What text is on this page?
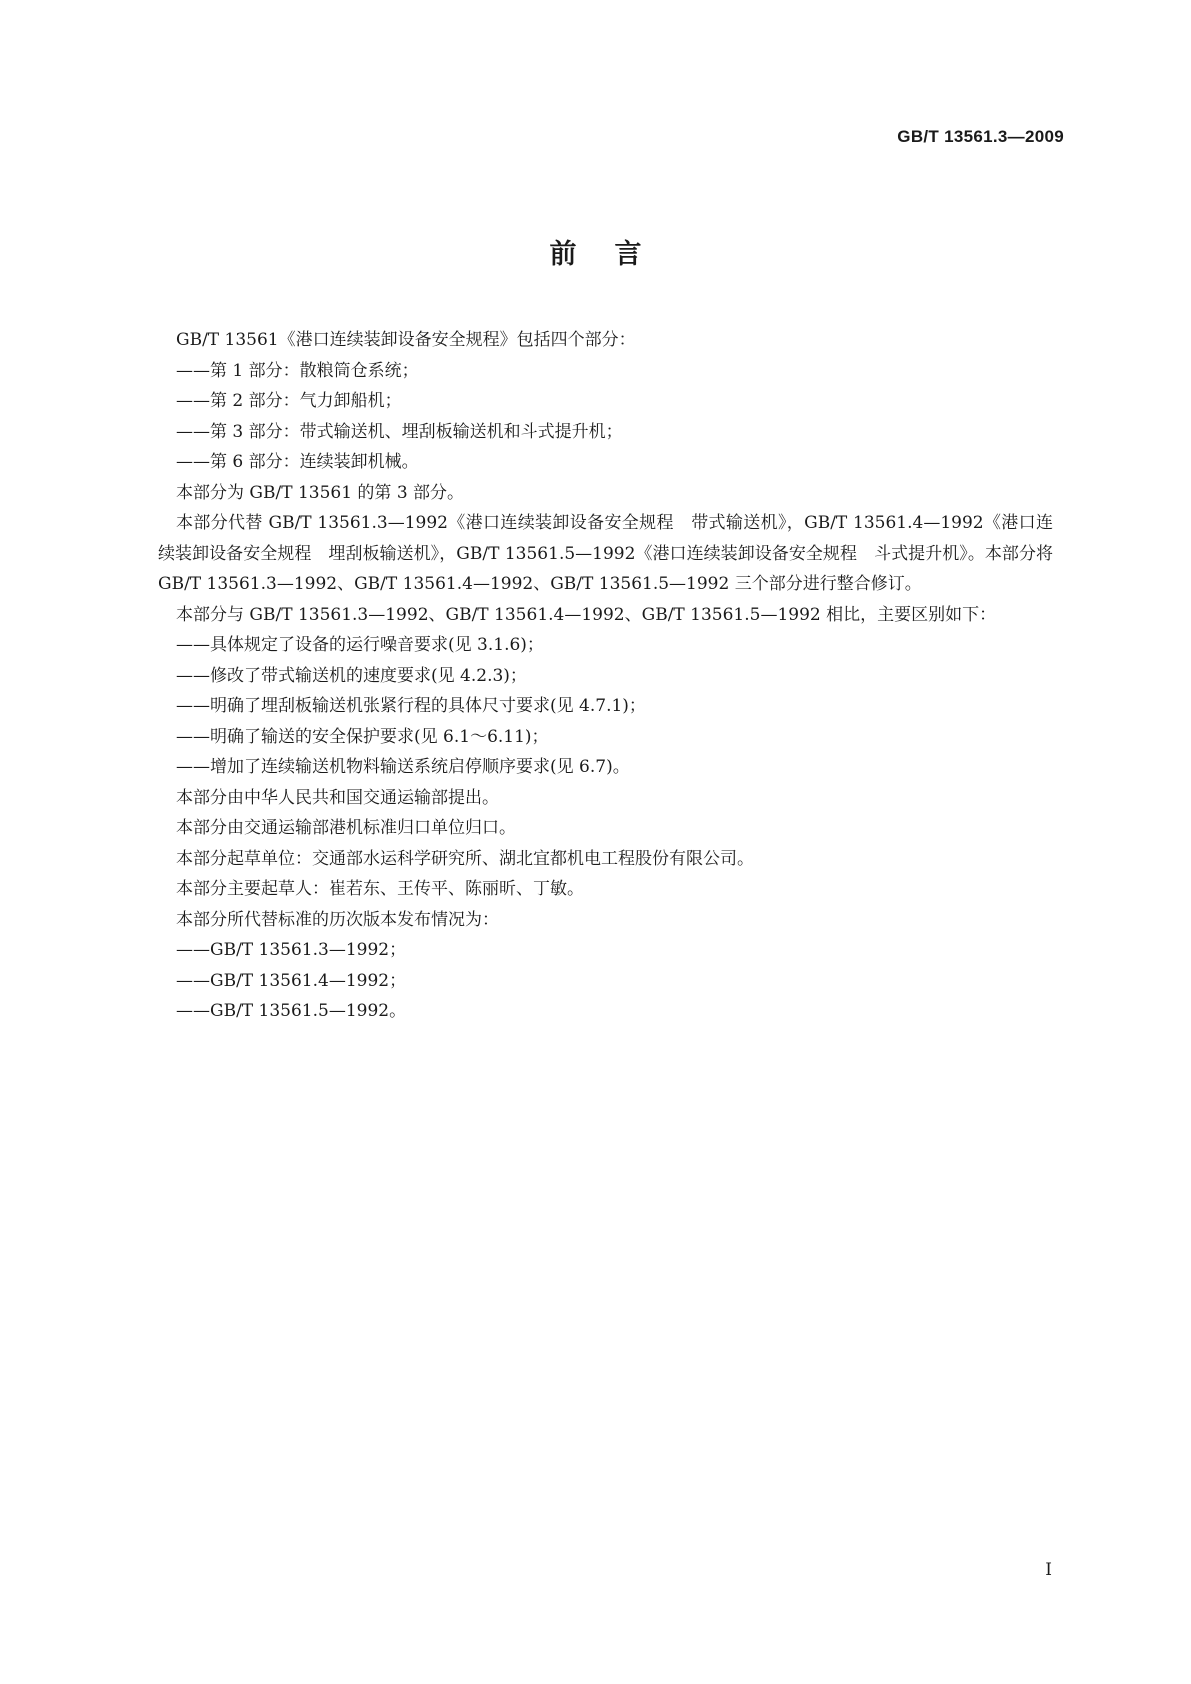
GB/T 13561.3—2009
前言

GB/T 13561《港口连续装卸设备安全规程》包括四个部分：

——第 1 部分：散粮筒仓系统；

——第 2 部分：气力卸船机；

——第 3 部分：带式输送机、埋刮板输送机和斗式提升机；

——第 6 部分：连续装卸机械。

本部分为 GB/T 13561 的第 3 部分。

本部分代替 GB/T 13561.3—1992《港口连续装卸设备安全规程　带式输送机》，GB/T 13561.4—1992《港口连续装卸设备安全规程　埋刮板输送机》，GB/T 13561.5—1992《港口连续装卸设备安全规程　斗式提升机》。本部分将 GB/T 13561.3—1992、GB/T 13561.4—1992、GB/T 13561.5—1992 三个部分进行整合修订。

本部分与 GB/T 13561.3—1992、GB/T 13561.4—1992、GB/T 13561.5—1992 相比，主要区别如下：

——具体规定了设备的运行噪音要求(见 3.1.6)；

——修改了带式输送机的速度要求(见 4.2.3)；

——明确了埋刮板输送机张紧行程的具体尺寸要求(见 4.7.1)；

——明确了输送的安全保护要求(见 6.1～6.11)；

——增加了连续输送机物料输送系统启停顺序要求(见 6.7)。

本部分由中华人民共和国交通运输部提出。

本部分由交通运输部港机标准归口单位归口。

本部分起草单位：交通部水运科学研究所、湖北宜都机电工程股份有限公司。

本部分主要起草人：崔若东、王传平、陈丽昕、丁敏。

本部分所代替标准的历次版本发布情况为：

——GB/T 13561.3—1992；

——GB/T 13561.4—1992；

——GB/T 13561.5—1992。

I
